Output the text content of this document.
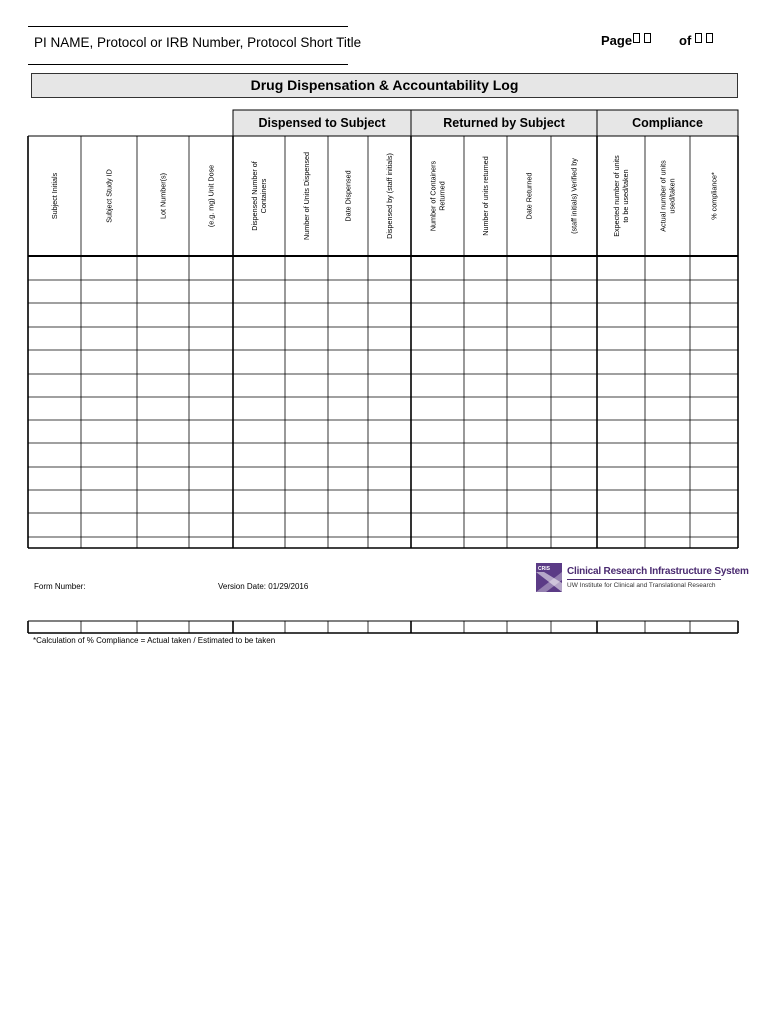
PI NAME, Protocol or IRB Number, Protocol Short Title	Page	of
Drug Dispensation & Accountability Log
Dispensed to Subject	Returned by Subject	Compliance
Subject Initials	Subject Study ID	Lot Number(s)	(e.g. mg) Unit Dose	Dispensed Number ofContainers	Number of Units Dispensed	Date Dispensed	Dispensed by (staff initials)	Number of ContainersReturned	Number of units returned	Date Returned	(staff initials) Verified by	Expected number of unitsto be used/taken	Actual number of unitsused/taken	% compliance*
Form Number:	Version Date: 01/29/2016
CRIS Clinical Research Infrastructure System
UW Institute for Clinical and Translational Research
*Calculation of % Compliance = Actual taken / Estimated to be taken
